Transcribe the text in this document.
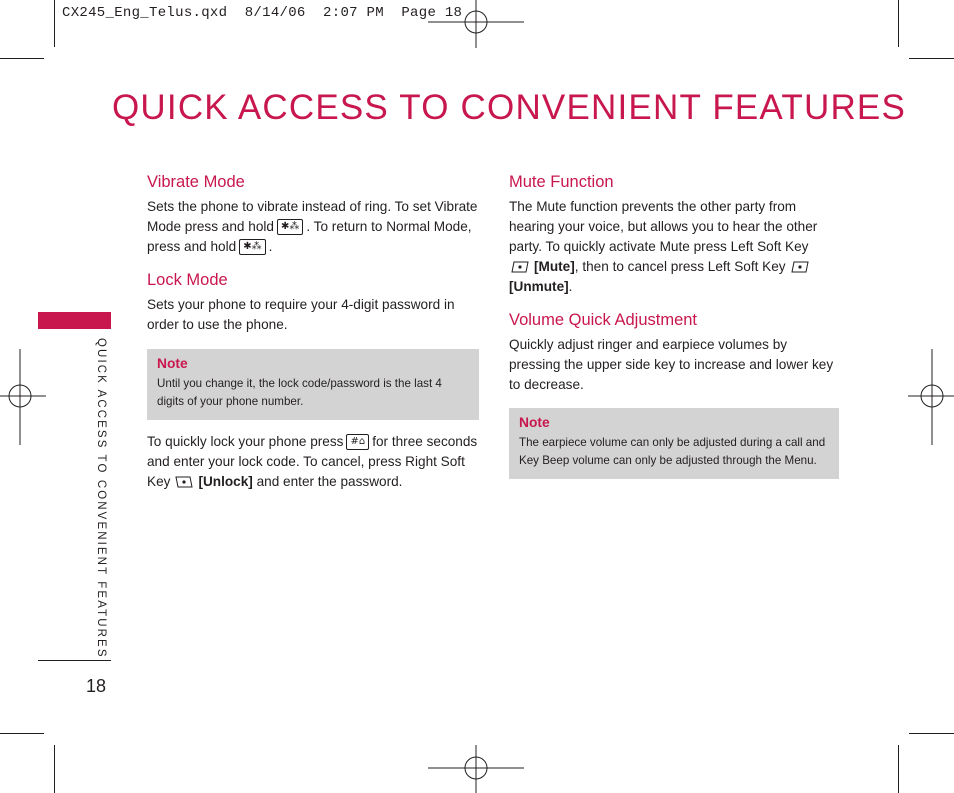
CX245_Eng_Telus.qxd  8/14/06  2:07 PM  Page 18
QUICK ACCESS TO CONVENIENT FEATURES
QUICK ACCESS TO CONVENIENT FEATURES
18
Vibrate Mode

Sets the phone to vibrate instead of ring. To set Vibrate Mode press and hold ✱⁂ . To return to Normal Mode, press and hold ✱⁂ .

Lock Mode

Sets your phone to require your 4-digit password in order to use the phone.

Note
Until you change it, the lock code/password is the last 4 digits of your phone number.

To quickly lock your phone press #⌂ for three seconds and enter your lock code. To cancel, press Right Soft Key [Unlock] and enter the password.

Mute Function

The Mute function prevents the other party from hearing your voice, but allows you to hear the other party. To quickly activate Mute press Left Soft Key
[Mute], then to cancel press Left Soft Key[Unmute].

Volume Quick Adjustment

Quickly adjust ringer and earpiece volumes by pressing the upper side key to increase and lower key to decrease.

Note
The earpiece volume can only be adjusted during a call and Key Beep volume can only be adjusted through the Menu.
